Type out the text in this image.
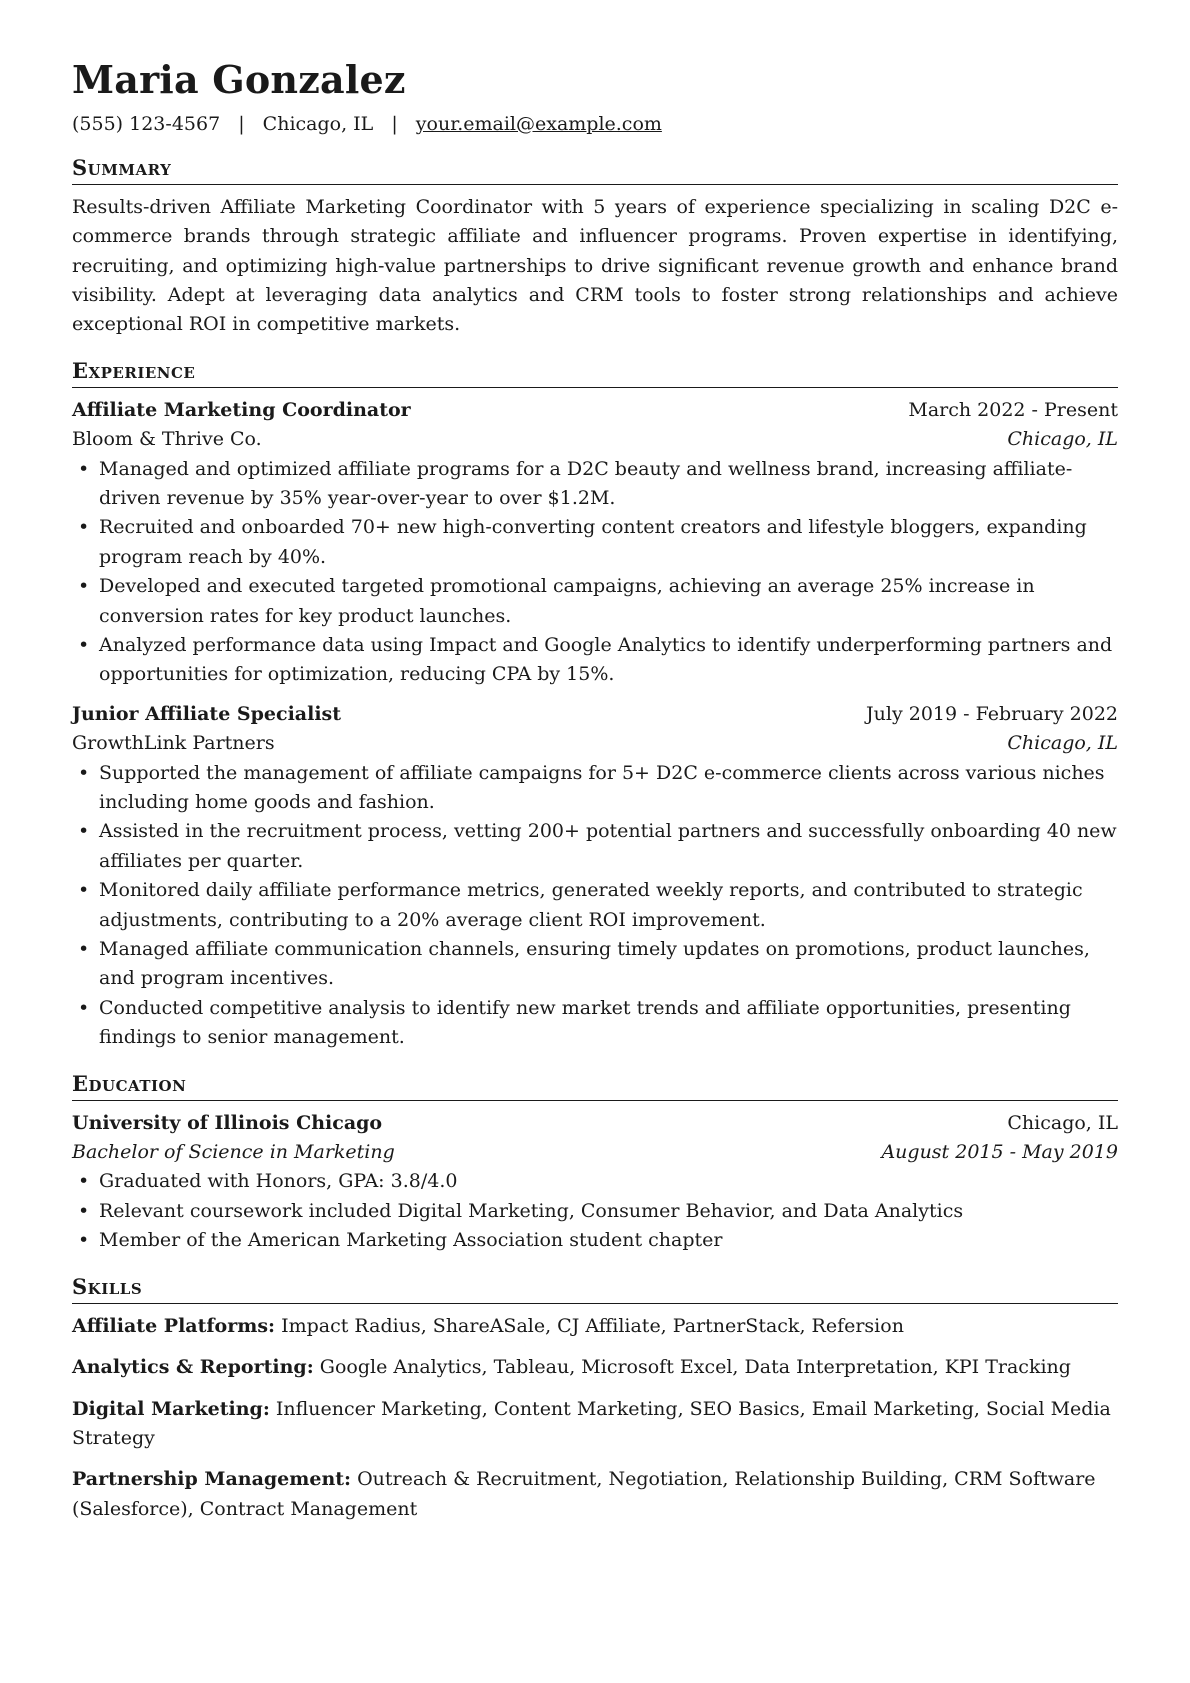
Maria Gonzalez
(555) 123-4567 | Chicago, IL | your.email@example.com
Summary

Results-driven Affiliate Marketing Coordinator with 5 years of experience specializing in scaling D2C e-commerce brands through strategic affiliate and influencer programs. Proven expertise in identifying, recruiting, and optimizing high-value partnerships to drive significant revenue growth and enhance brand visibility. Adept at leveraging data analytics and CRM tools to foster strong relationships and achieve exceptional ROI in competitive markets.

Experience
Affiliate Marketing Coordinator	March 2022 - Present
Bloom & Thrive Co.	Chicago, IL
• Managed and optimized affiliate programs for a D2C beauty and wellness brand, increasing affiliate-driven revenue by 35% year-over-year to over $1.2M.
• Recruited and onboarded 70+ new high-converting content creators and lifestyle bloggers, expanding program reach by 40%.
• Developed and executed targeted promotional campaigns, achieving an average 25% increase in conversion rates for key product launches.
• Analyzed performance data using Impact and Google Analytics to identify underperforming partners and opportunities for optimization, reducing CPA by 15%.
Junior Affiliate Specialist	July 2019 - February 2022
GrowthLink Partners	Chicago, IL
• Supported the management of affiliate campaigns for 5+ D2C e-commerce clients across various niches including home goods and fashion.
• Assisted in the recruitment process, vetting 200+ potential partners and successfully onboarding 40 new affiliates per quarter.
• Monitored daily affiliate performance metrics, generated weekly reports, and contributed to strategic adjustments, contributing to a 20% average client ROI improvement.
• Managed affiliate communication channels, ensuring timely updates on promotions, product launches, and program incentives.
• Conducted competitive analysis to identify new market trends and affiliate opportunities, presenting findings to senior management.
Education
University of Illinois Chicago	Chicago, IL
Bachelor of Science in Marketing	August 2015 - May 2019
• Graduated with Honors, GPA: 3.8/4.0
• Relevant coursework included Digital Marketing, Consumer Behavior, and Data Analytics
• Member of the American Marketing Association student chapter
Skills

Affiliate Platforms: Impact Radius, ShareASale, CJ Affiliate, PartnerStack, Refersion

Analytics & Reporting: Google Analytics, Tableau, Microsoft Excel, Data Interpretation, KPI Tracking

Digital Marketing: Influencer Marketing, Content Marketing, SEO Basics, Email Marketing, Social Media Strategy

Partnership Management: Outreach & Recruitment, Negotiation, Relationship Building, CRM Software (Salesforce), Contract Management
